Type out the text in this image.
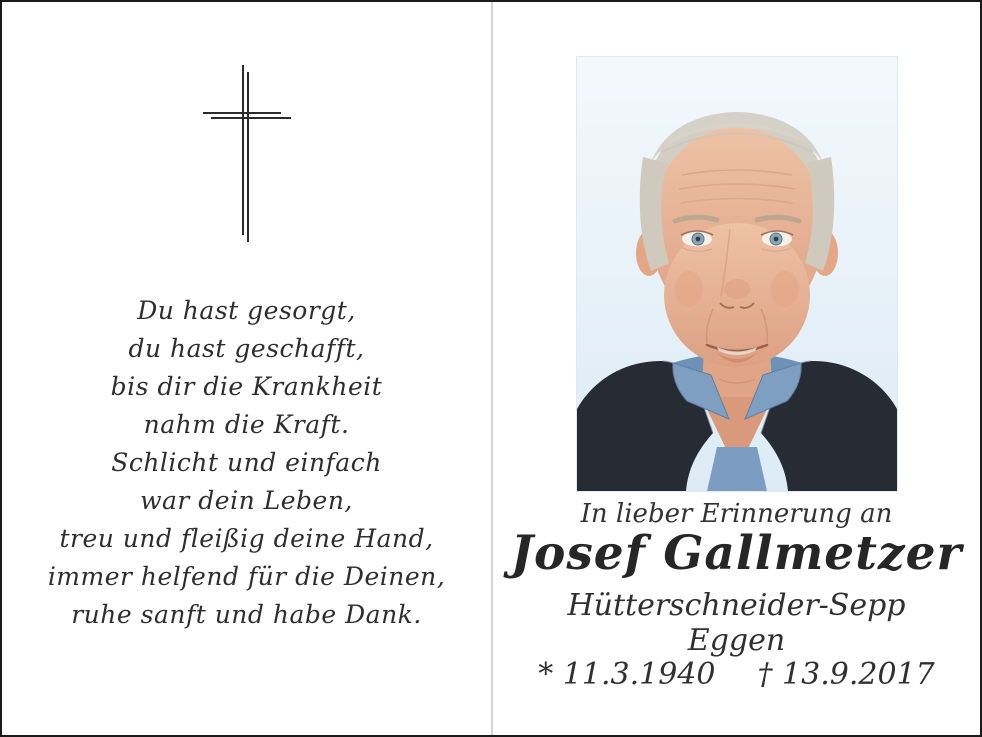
Du hast gesorgt,
du hast geschafft,
bis dir die Krankheit
nahm die Kraft.
Schlicht und einfach
war dein Leben,
treu und fleißig deine Hand,
immer helfend für die Deinen,
ruhe sanft und habe Dank.
In lieber Erinnerung an
Josef Gallmetzer
Hütterschneider-Sepp
Eggen
* 11.3.1940 † 13.9.2017
